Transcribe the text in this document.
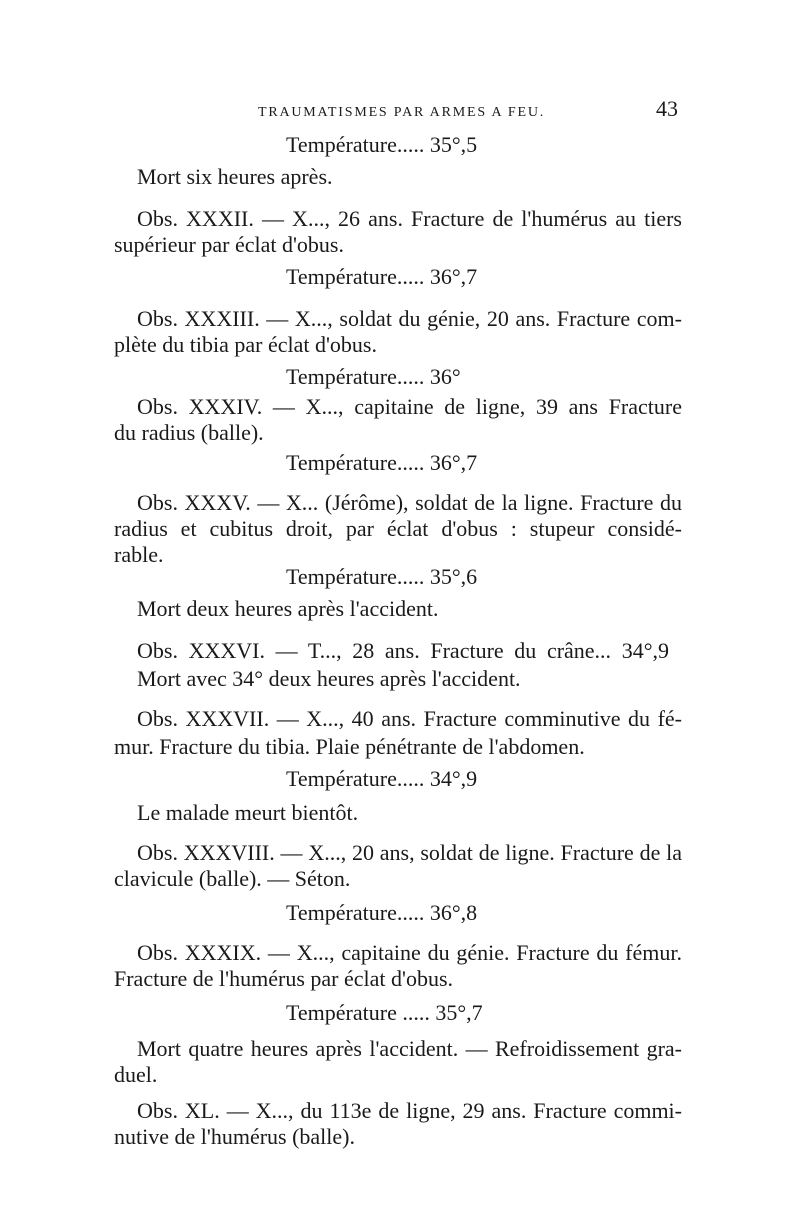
TRAUMATISMES PAR ARMES A FEU.	43
Température..... 35°,5
Mort six heures après.
Obs. XXXII. — X..., 26 ans. Fracture de l'humérus au tiers
supérieur par éclat d'obus.
Température..... 36°,7
Obs. XXXIII. — X..., soldat du génie, 20 ans. Fracture com-
plète du tibia par éclat d'obus.
Température..... 36°
Obs. XXXIV. — X..., capitaine de ligne, 39 ans Fracture
du radius (balle).
Température..... 36°,7
Obs. XXXV. — X... (Jérôme), soldat de la ligne. Fracture du
radius et cubitus droit, par éclat d'obus : stupeur considé-
rable.
Température..... 35°,6
Mort deux heures après l'accident.
Obs. XXXVI. — T..., 28 ans. Fracture du crâne... 34°,9
Mort avec 34° deux heures après l'accident.
Obs. XXXVII. — X..., 40 ans. Fracture comminutive du fé-
mur. Fracture du tibia. Plaie pénétrante de l'abdomen.
Température..... 34°,9
Le malade meurt bientôt.
Obs. XXXVIII. — X..., 20 ans, soldat de ligne. Fracture de la
clavicule (balle). — Séton.
Température..... 36°,8
Obs. XXXIX. — X..., capitaine du génie. Fracture du fémur.
Fracture de l'humérus par éclat d'obus.
Température ..... 35°,7
Mort quatre heures après l'accident. — Refroidissement gra-
duel.
Obs. XL. — X..., du 113e de ligne, 29 ans. Fracture commi-
nutive de l'humérus (balle).
